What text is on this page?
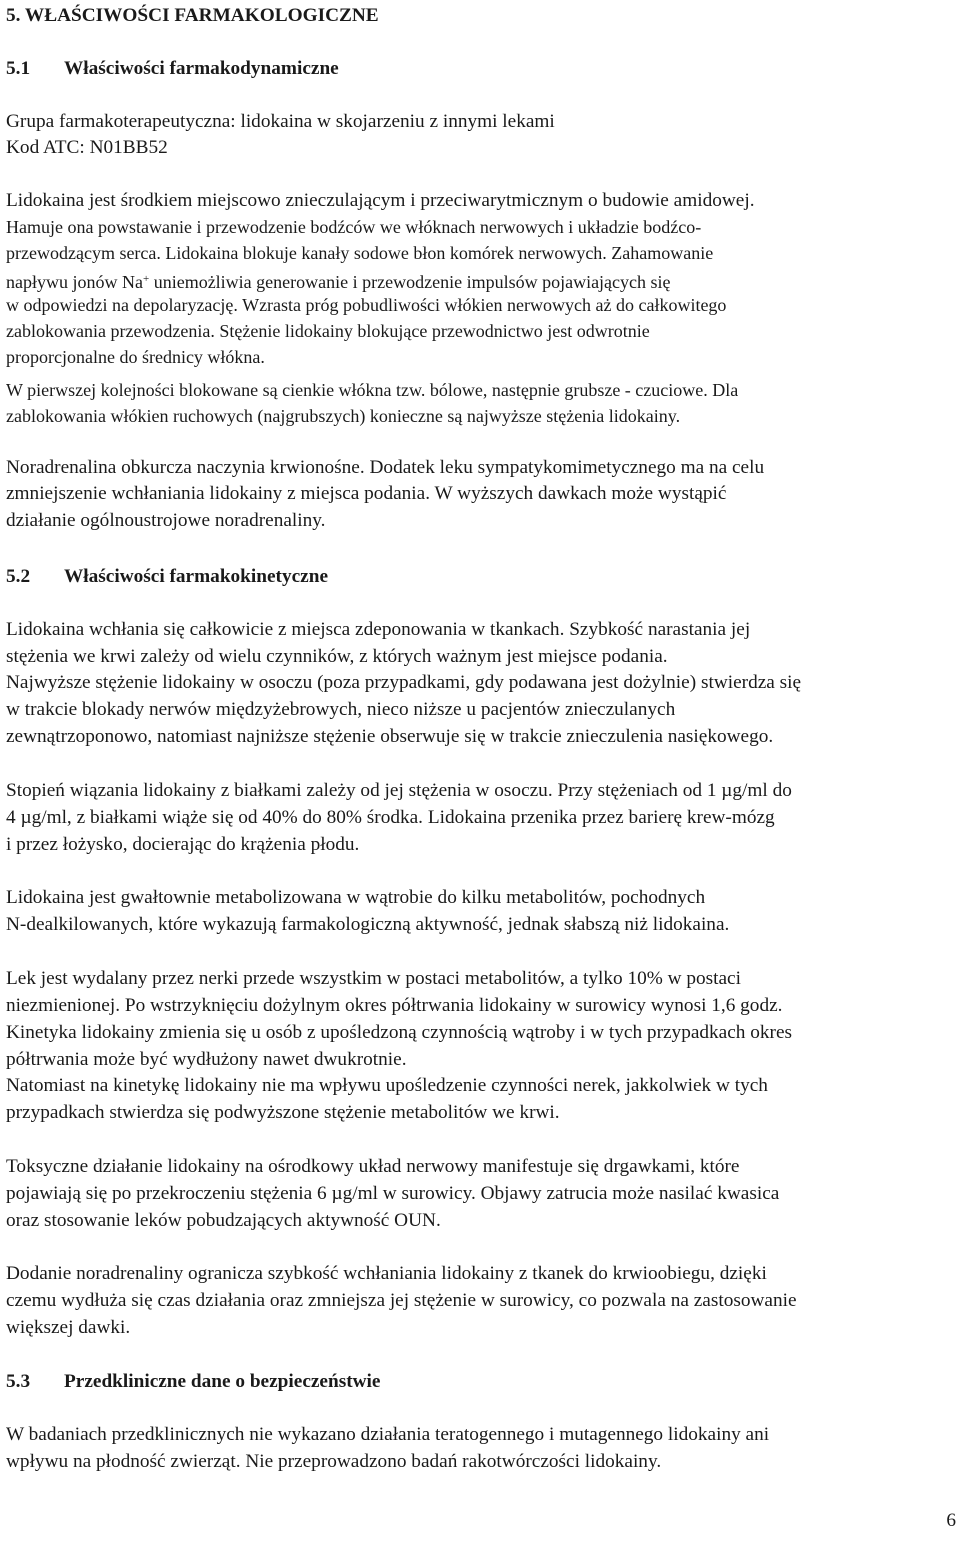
5. WŁAŚCIWOŚCI FARMAKOLOGICZNE
5.1 Właściwości farmakodynamiczne
Grupa farmakoterapeutyczna: lidokaina w skojarzeniu z innymi lekami
Kod ATC: N01BB52
Lidokaina jest środkiem miejscowo znieczulającym i przeciwarytmicznym o budowie amidowej.
Hamuje ona powstawanie i przewodzenie bodźców we włóknach nerwowych i układzie bodźco-
przewodzącym serca. Lidokaina blokuje kanały sodowe błon komórek nerwowych. Zahamowanie
napływu jonów Na+ uniemożliwia generowanie i przewodzenie impulsów pojawiających się
w odpowiedzi na depolaryzację. Wzrasta próg pobudliwości włókien nerwowych aż do całkowitego
zablokowania przewodzenia. Stężenie lidokainy blokujące przewodnictwo jest odwrotnie
proporcjonalne do średnicy włókna.
W pierwszej kolejności blokowane są cienkie włókna tzw. bólowe, następnie grubsze - czuciowe. Dla
zablokowania włókien ruchowych (najgrubszych) konieczne są najwyższe stężenia lidokainy.
Noradrenalina obkurcza naczynia krwionośne. Dodatek leku sympatykomimetycznego ma na celu
zmniejszenie wchłaniania lidokainy z miejsca podania. W wyższych dawkach może wystąpić
działanie ogólnoustrojowe noradrenaliny.
5.2 Właściwości farmakokinetyczne
Lidokaina wchłania się całkowicie z miejsca zdeponowania w tkankach. Szybkość narastania jej
stężenia we krwi zależy od wielu czynników, z których ważnym jest miejsce podania.
Najwyższe stężenie lidokainy w osoczu (poza przypadkami, gdy podawana jest dożylnie) stwierdza się
w trakcie blokady nerwów międzyżebrowych, nieco niższe u pacjentów znieczulanych
zewnątrzoponowo, natomiast najniższe stężenie obserwuje się w trakcie znieczulenia nasiękowego.
Stopień wiązania lidokainy z białkami zależy od jej stężenia w osoczu. Przy stężeniach od 1 µg/ml do
4 µg/ml, z białkami wiąże się od 40% do 80% środka. Lidokaina przenika przez barierę krew-mózg
i przez łożysko, docierając do krążenia płodu.
Lidokaina jest gwałtownie metabolizowana w wątrobie do kilku metabolitów, pochodnych
N-dealkilowanych, które wykazują farmakologiczną aktywność, jednak słabszą niż lidokaina.
Lek jest wydalany przez nerki przede wszystkim w postaci metabolitów, a tylko 10% w postaci
niezmienionej. Po wstrzyknięciu dożylnym okres półtrwania lidokainy w surowicy wynosi 1,6 godz.
Kinetyka lidokainy zmienia się u osób z upośledzoną czynnością wątroby i w tych przypadkach okres
półtrwania może być wydłużony nawet dwukrotnie.
Natomiast na kinetykę lidokainy nie ma wpływu upośledzenie czynności nerek, jakkolwiek w tych
przypadkach stwierdza się podwyższone stężenie metabolitów we krwi.
Toksyczne działanie lidokainy na ośrodkowy układ nerwowy manifestuje się drgawkami, które
pojawiają się po przekroczeniu stężenia 6 µg/ml w surowicy. Objawy zatrucia może nasilać kwasica
oraz stosowanie leków pobudzających aktywność OUN.
Dodanie noradrenaliny ogranicza szybkość wchłaniania lidokainy z tkanek do krwioobiegu, dzięki
czemu wydłuża się czas działania oraz zmniejsza jej stężenie w surowicy, co pozwala na zastosowanie
większej dawki.
5.3 Przedkliniczne dane o bezpieczeństwie
W badaniach przedklinicznych nie wykazano działania teratogennego i mutagennego lidokainy ani
wpływu na płodność zwierząt. Nie przeprowadzono badań rakotwórczości lidokainy.
6
